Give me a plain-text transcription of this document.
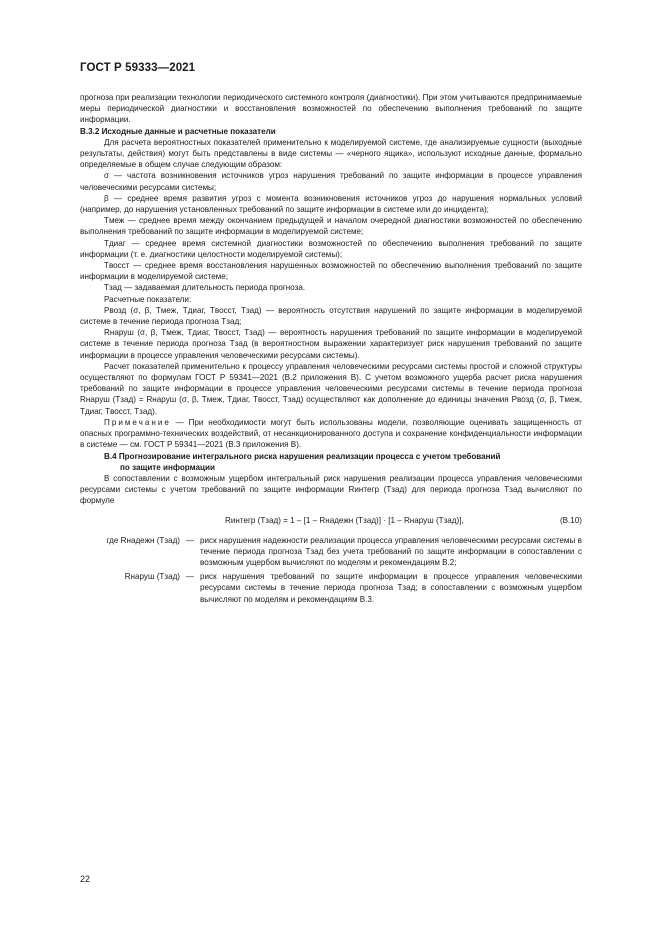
ГОСТ Р 59333—2021

прогноза при реализации технологии периодического системного контроля (диагностики). При этом учитываются предпринимаемые меры периодической диагностики и восстановления возможностей по обеспечению выполнения требований по защите информации.

В.3.2 Исходные данные и расчетные показатели

Для расчета вероятностных показателей применительно к моделируемой системе, где анализируемые сущности (выходные результаты, действия) могут быть представлены в виде системы — «черного ящика», используют исходные данные, формально определяемые в общем случае следующим образом:

σ — частота возникновения источников угроз нарушения требований по защите информации в процессе управления человеческими ресурсами системы;

β — среднее время развития угроз с момента возникновения источников угроз до нарушения нормальных условий (например, до нарушения установленных требований по защите информации в системе или до инцидента);

Tмеж — среднее время между окончанием предыдущей и началом очередной диагностики возможностей по обеспечению выполнения требований по защите информации в моделируемой системе;

Tдиаг — среднее время системной диагностики возможностей по обеспечению выполнения требований по защите информации (т. е. диагностики целостности моделируемой системы);

Tвосст — среднее время восстановления нарушенных возможностей по обеспечению выполнения требований по защите информации в моделируемой системе;

Tзад — задаваемая длительность периода прогноза.

Расчетные показатели:

Pвозд (σ, β, Tмеж, Tдиаг, Tвосст, Tзад) — вероятность отсутствия нарушений по защите информации в моделируемой системе в течение периода прогноза Tзад;

Rнаруш (σ, β, Tмеж, Tдиаг, Tвосст, Tзад) — вероятность нарушения требований по защите информации в моделируемой системе в течение периода прогноза Tзад (в вероятностном выражении характеризует риск нарушения требований по защите информации в процессе управления человеческими ресурсами системы).

Расчет показателей применительно к процессу управления человеческими ресурсами системы простой и сложной структуры осуществляют по формулам ГОСТ Р 59341—2021 (В.2 приложения В). С учетом возможного ущерба расчет риска нарушения требований по защите информации в процессе управления человеческими ресурсами системы в течение периода прогноза Rнаруш (Tзад) = Rнаруш (σ, β, Tмеж, Tдиаг, Tвосст, Tзад) осуществляют как дополнение до единицы значения Pвозд (σ, β, Tмеж, Tдиаг, Tвосст, Tзад).

Примечание — При необходимости могут быть использованы модели, позволяющие оценивать защищенность от опасных программно-технических воздействий, от несанкционированного доступа и сохранение конфиденциальности информации в системе — см. ГОСТ Р 59341—2021 (В.3 приложения В).

В.4 Прогнозирование интегрального риска нарушения реализации процесса с учетом требований
по защите информации

В сопоставлении с возможным ущербом интегральный риск нарушения реализации процесса управления человеческими ресурсами системы с учетом требований по защите информации Rинтегр (Tзад) для периода прогноза Tзад вычисляют по формуле

Rинтегр (Tзад) = 1 – [1 – Rнадежн (Tзад)] · [1 – Rнаруш (Tзад)],	(В.10)
где Rнадежн (Tзад) — риск нарушения надежности реализации процесса управления человеческими ресурсами системы в течение периода прогноза Tзад без учета требований по защите информации в сопоставлении с возможным ущербом вычисляют по моделям и рекомендациям В.2;
Rнаруш (Tзад) — риск нарушения требований по защите информации в процессе управления человеческими ресурсами системы в течение периода прогноза Tзад; в сопоставлении с возможным ущербом вычисляют по моделям и рекомендациям В.3.
22
